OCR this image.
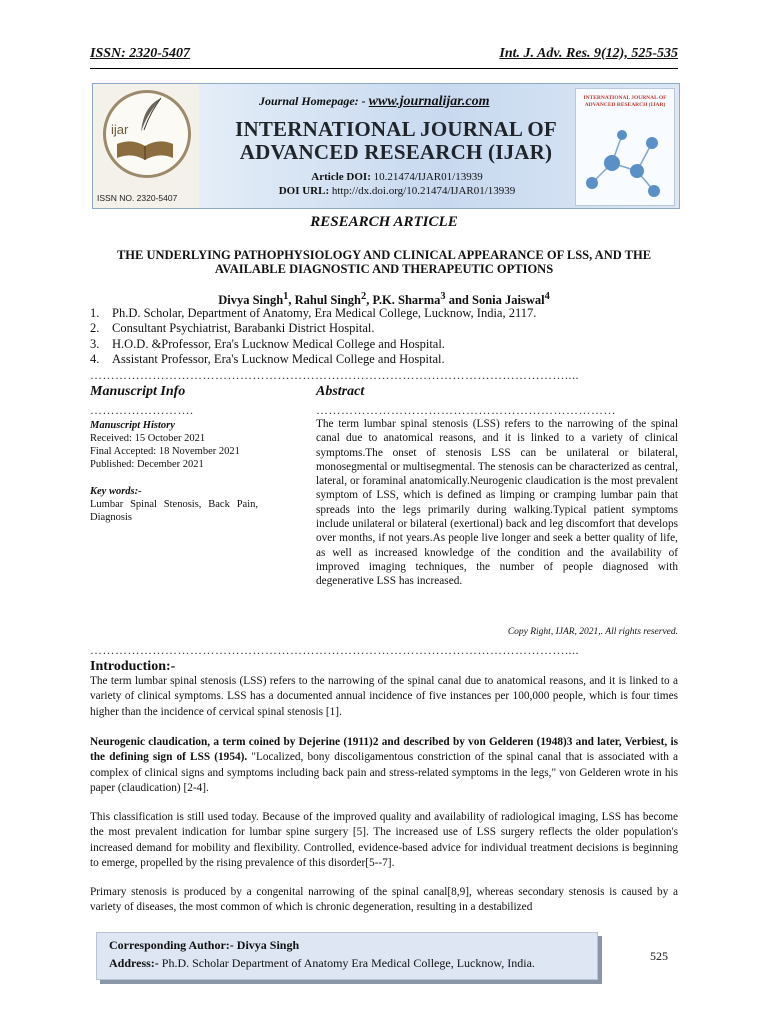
ISSN: 2320-5407	Int. J. Adv. Res. 9(12), 525-535
ijar
ISSN NO. 2320-5407
Journal Homepage: - www.journalijar.com
INTERNATIONAL JOURNAL OF ADVANCED RESEARCH (IJAR)
Article DOI: 10.21474/IJAR01/13939
DOI URL: http://dx.doi.org/10.21474/IJAR01/13939
INTERNATIONAL JOURNAL OF ADVANCED RESEARCH (IJAR)
RESEARCH ARTICLE
THE UNDERLYING PATHOPHYSIOLOGY AND CLINICAL APPEARANCE OF LSS, AND THE AVAILABLE DIAGNOSTIC AND THERAPEUTIC OPTIONS
Divya Singh$^1$, Rahul Singh$^2$, P.K. Sharma$^3$ and Sonia Jaiswal$^4$
1.	Ph.D. Scholar, Department of Anatomy, Era Medical College, Lucknow, India, 2117.
2.	Consultant Psychiatrist, Barabanki District Hospital.
3.	H.O.D. &Professor, Era's Lucknow Medical College and Hospital.
4.	Assistant Professor, Era's Lucknow Medical College and Hospital.
……………………………………………………………………………………………………....
Manuscript Info	Abstract
…………………….	………………………………………………………………
Manuscript History
Received: 15 October 2021
Final Accepted: 18 November 2021
Published: December 2021
Key words:-
Lumbar Spinal Stenosis, Back Pain, Diagnosis
The term lumbar spinal stenosis (LSS) refers to the narrowing of the spinal canal due to anatomical reasons, and it is linked to a variety of clinical symptoms.The onset of stenosis LSS can be unilateral or bilateral, monosegmental or multisegmental. The stenosis can be characterized as central, lateral, or foraminal anatomically.Neurogenic claudication is the most prevalent symptom of LSS, which is defined as limping or cramping lumbar pain that spreads into the legs primarily during walking.Typical patient symptoms include unilateral or bilateral (exertional) back and leg discomfort that develops over months, if not years.As people live longer and seek a better quality of life, as well as increased knowledge of the condition and the availability of improved imaging techniques, the number of people diagnosed with degenerative LSS has increased.
Copy Right, IJAR, 2021,. All rights reserved.
……………………………………………………………………………………………………....
Introduction:-
The term lumbar spinal stenosis (LSS) refers to the narrowing of the spinal canal due to anatomical reasons, and it is linked to a variety of clinical symptoms. LSS has a documented annual incidence of five instances per 100,000 people, which is four times higher than the incidence of cervical spinal stenosis [1].
Neurogenic claudication, a term coined by Dejerine (1911)2 and described by von Gelderen (1948)3 and later, Verbiest, is the defining sign of LSS (1954). "Localized, bony discoligamentous constriction of the spinal canal that is associated with a complex of clinical signs and symptoms including back pain and stress-related symptoms in the legs," von Gelderen wrote in his paper (claudication) [2-4].
This classification is still used today. Because of the improved quality and availability of radiological imaging, LSS has become the most prevalent indication for lumbar spine surgery [5]. The increased use of LSS surgery reflects the older population's increased demand for mobility and flexibility. Controlled, evidence-based advice for individual treatment decisions is beginning to emerge, propelled by the rising prevalence of this disorder[5--7].
Primary stenosis is produced by a congenital narrowing of the spinal canal[8,9], whereas secondary stenosis is caused by a variety of diseases, the most common of which is chronic degeneration, resulting in a destabilized
Corresponding Author:- Divya Singh
Address:- Ph.D. Scholar Department of Anatomy Era Medical College, Lucknow, India.	525
